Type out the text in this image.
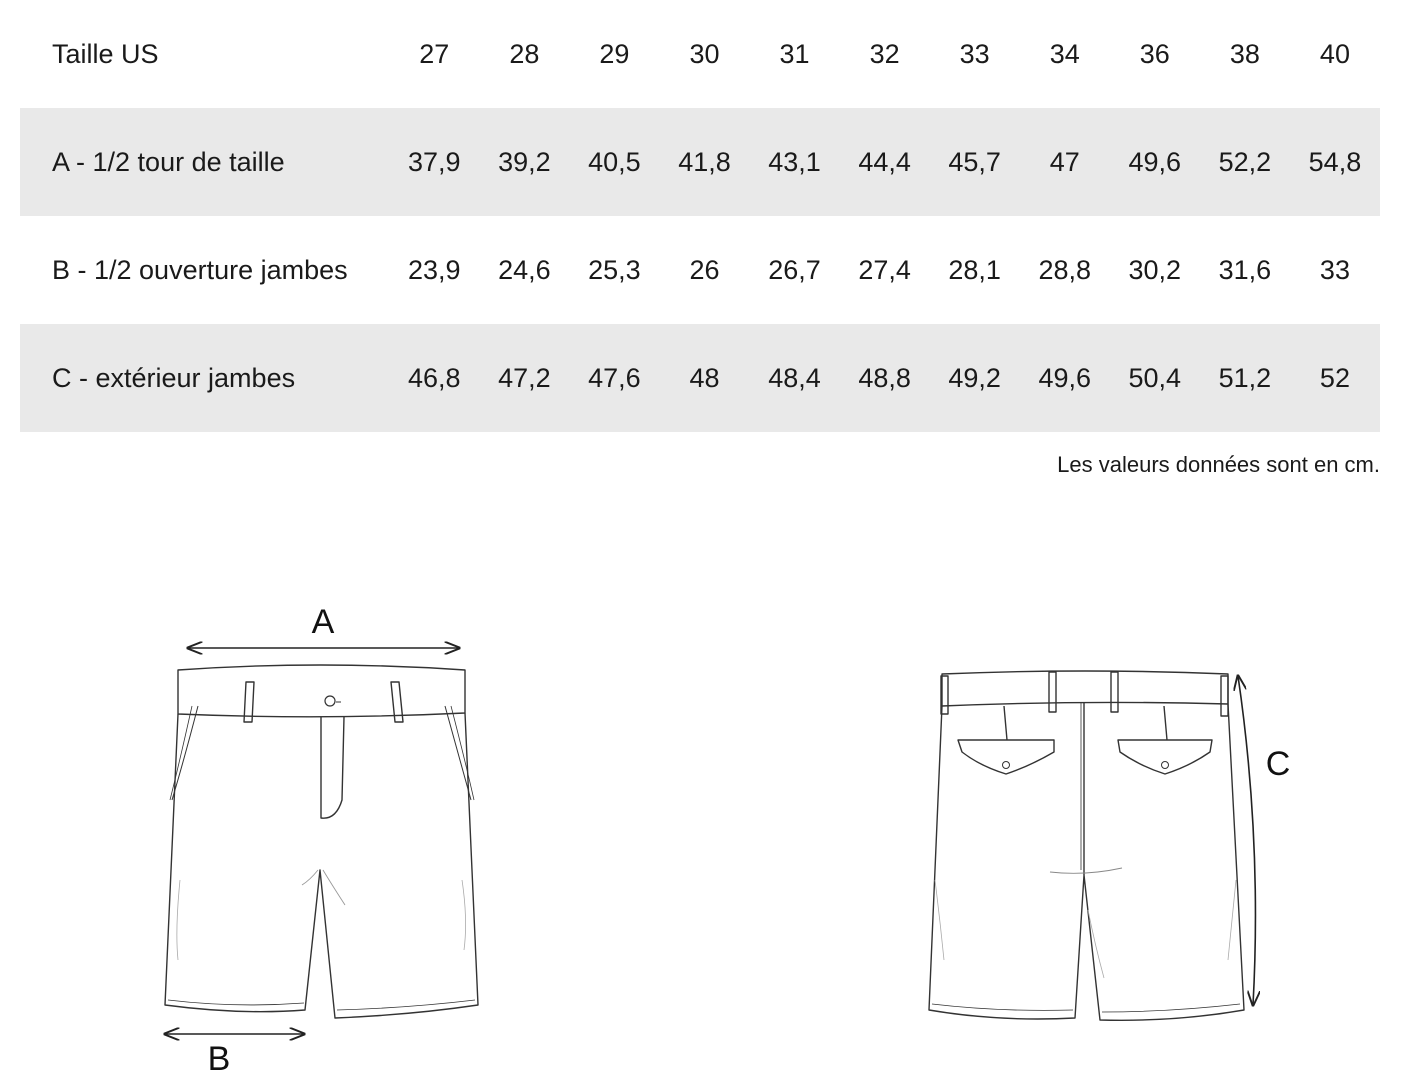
Taille US	27	28	29	30	31	32	33	34	36	38	40
A - 1/2 tour de taille	37,9	39,2	40,5	41,8	43,1	44,4	45,7	47	49,6	52,2	54,8
B - 1/2 ouverture jambes	23,9	24,6	25,3	26	26,7	27,4	28,1	28,8	30,2	31,6	33
C - extérieur jambes	46,8	47,2	47,6	48	48,4	48,8	49,2	49,6	50,4	51,2	52
Les valeurs données sont en cm.
A
B
C
